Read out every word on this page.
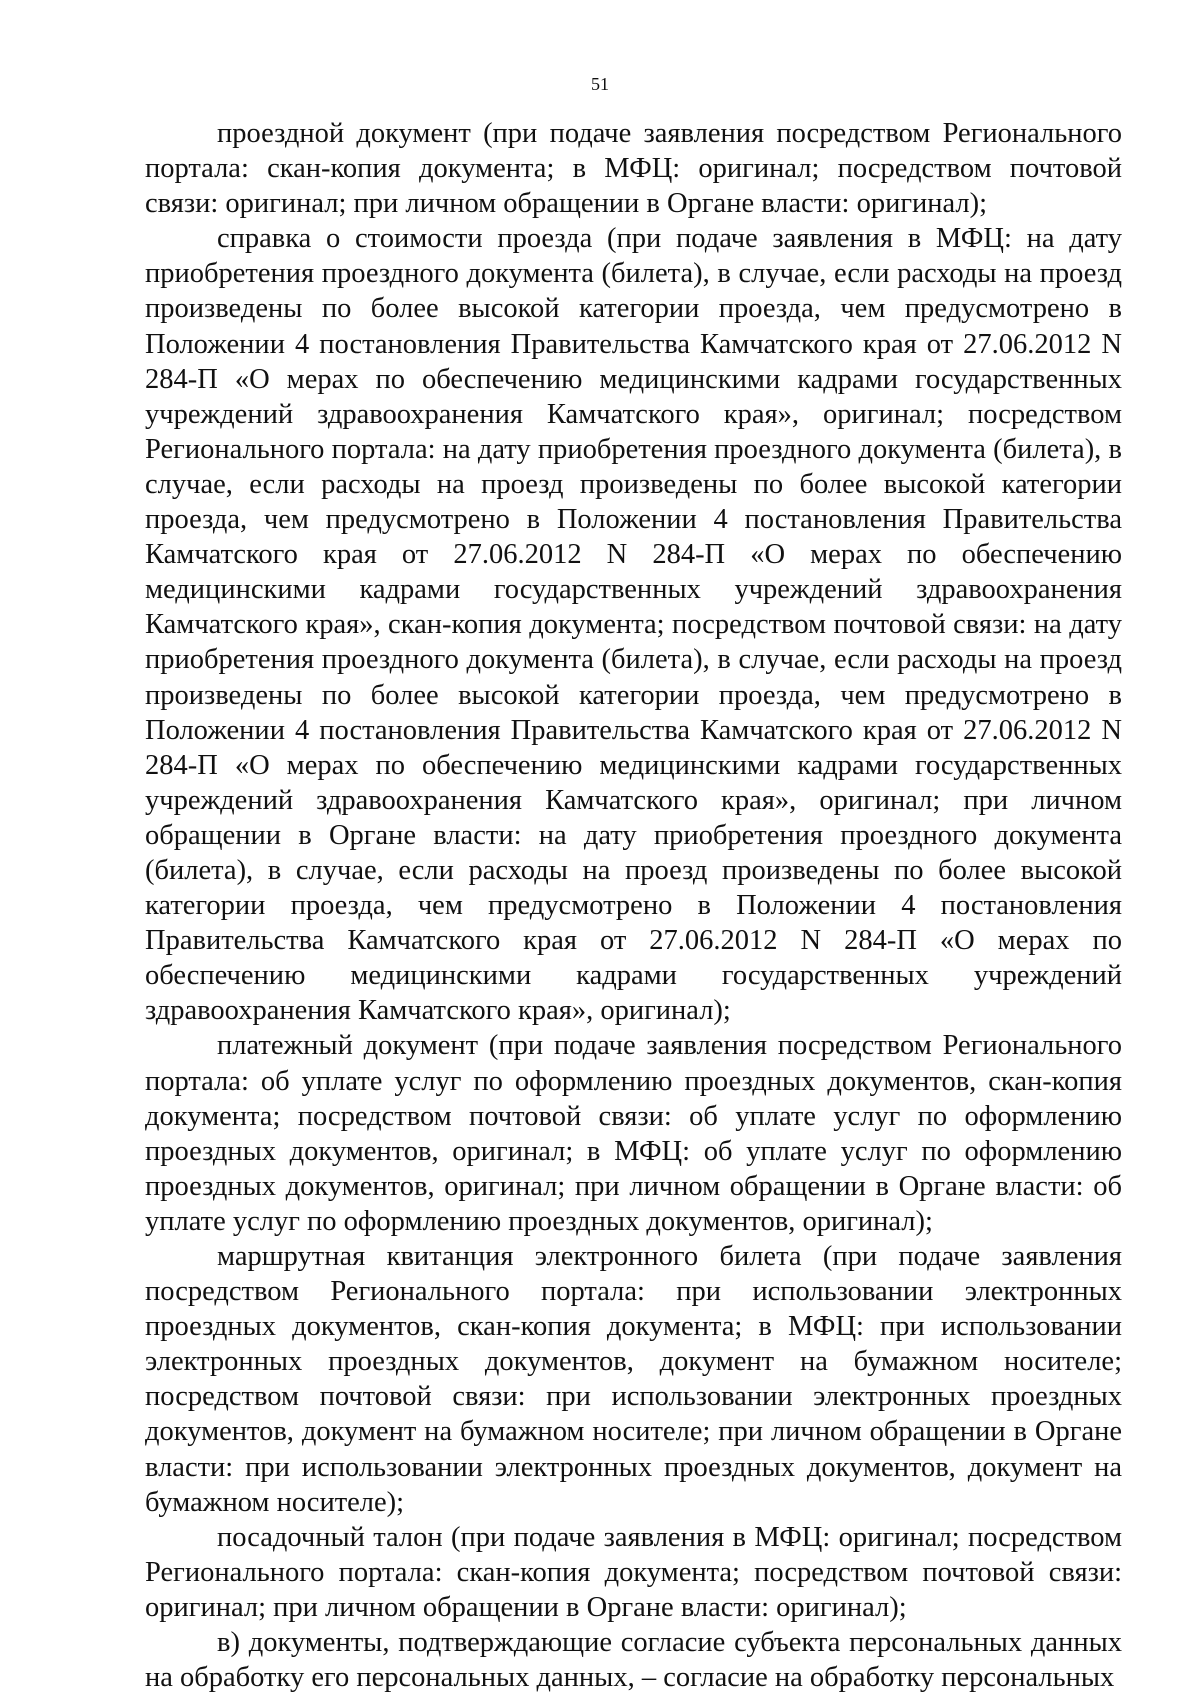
51

проездной документ (при подаче заявления посредством Регионального портала: скан-копия документа; в МФЦ: оригинал; посредством почтовой связи: оригинал; при личном обращении в Органе власти: оригинал);

справка о стоимости проезда (при подаче заявления в МФЦ: на дату приобретения проездного документа (билета), в случае, если расходы на проезд произведены по более высокой категории проезда, чем предусмотрено в Положении 4 постановления Правительства Камчатского края от 27.06.2012 N 284-П «О мерах по обеспечению медицинскими кадрами государственных учреждений здравоохранения Камчатского края», оригинал; посредством Регионального портала: на дату приобретения проездного документа (билета), в случае, если расходы на проезд произведены по более высокой категории проезда, чем предусмотрено в Положении 4 постановления Правительства Камчатского края от 27.06.2012 N 284-П «О мерах по обеспечению медицинскими кадрами государственных учреждений здравоохранения Камчатского края», скан-копия документа; посредством почтовой связи: на дату приобретения проездного документа (билета), в случае, если расходы на проезд произведены по более высокой категории проезда, чем предусмотрено в Положении 4 постановления Правительства Камчатского края от 27.06.2012 N 284-П «О мерах по обеспечению медицинскими кадрами государственных учреждений здравоохранения Камчатского края», оригинал; при личном обращении в Органе власти: на дату приобретения проездного документа (билета), в случае, если расходы на проезд произведены по более высокой категории проезда, чем предусмотрено в Положении 4 постановления Правительства Камчатского края от 27.06.2012 N 284-П «О мерах по обеспечению медицинскими кадрами государственных учреждений здравоохранения Камчатского края», оригинал);

платежный документ (при подаче заявления посредством Регионального портала: об уплате услуг по оформлению проездных документов, скан-копия документа; посредством почтовой связи: об уплате услуг по оформлению проездных документов, оригинал; в МФЦ: об уплате услуг по оформлению проездных документов, оригинал; при личном обращении в Органе власти: об уплате услуг по оформлению проездных документов, оригинал);

маршрутная квитанция электронного билета (при подаче заявления посредством Регионального портала: при использовании электронных проездных документов, скан-копия документа; в МФЦ: при использовании электронных проездных документов, документ на бумажном носителе; посредством почтовой связи: при использовании электронных проездных документов, документ на бумажном носителе; при личном обращении в Органе власти: при использовании электронных проездных документов, документ на бумажном носителе);

посадочный талон (при подаче заявления в МФЦ: оригинал; посредством Регионального портала: скан-копия документа; посредством почтовой связи: оригинал; при личном обращении в Органе власти: оригинал);

в) документы, подтверждающие согласие субъекта персональных данных на обработку его персональных данных, – согласие на обработку персональных
